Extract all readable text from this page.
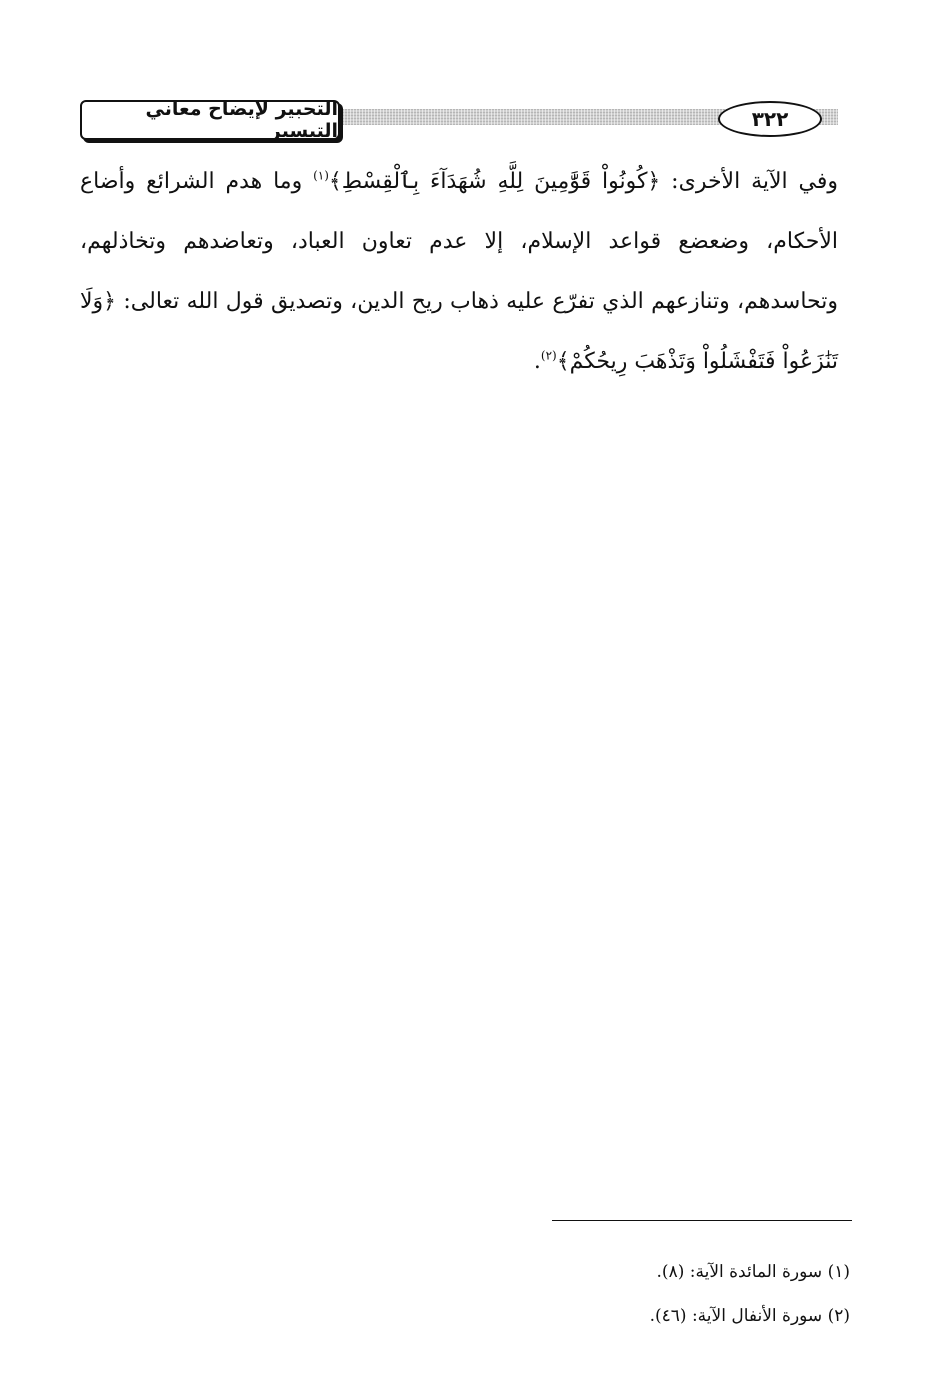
التحبير لإيضاح معاني التيسير	٣٢٢

وفي الآية الأخرى: ﴿كُونُواْ قَوَّٰمِينَ لِلَّهِ شُهَدَآءَ بِٱلْقِسْطِ﴾$^{(١)}$ وما هدم الشرائع وأضاع الأحكام، وضعضع قواعد الإسلام، إلا عدم تعاون العباد، وتعاضدهم وتخاذلهم، وتحاسدهم، وتنازعهم الذي تفرّع عليه ذهاب ريح الدين، وتصديق قول الله تعالى: ﴿وَلَا تَنَٰزَعُواْ فَتَفْشَلُواْ وَتَذْهَبَ رِيحُكُمْ﴾$^{(٢)}$.

(١) سورة المائدة الآية: (٨).
(٢) سورة الأنفال الآية: (٤٦).
